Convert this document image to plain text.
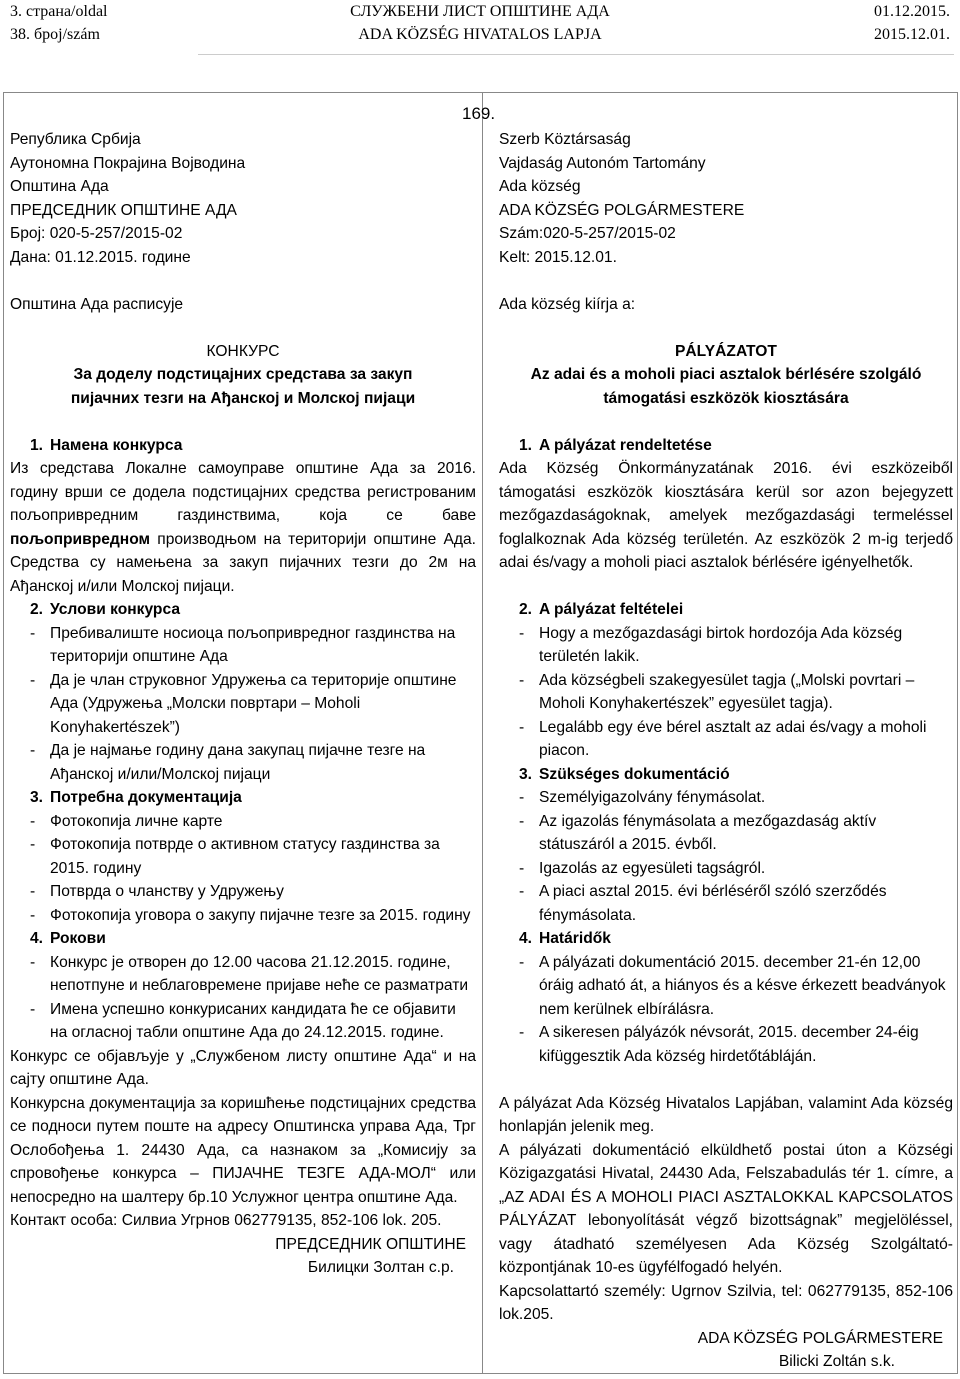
3. страна/oldal
38. број/szám
СЛУЖБЕНИ ЛИСТ ОПШТИНЕ АДА
ADA KÖZSÉG HIVATALOS LAPJA
01.12.2015.
2015.12.01.
169.

Република Србија

Аутономна Покрајина Војводина

Општина Ада

ПРЕДСЕДНИК ОПШТИНЕ АДА

Број: 020-5-257/2015-02

Дана: 01.12.2015. године

Општина Ада расписује

КОНКУРС

За доделу подстицајних средстава за закуп

пијачних тезги на Ађанској и Молској пијаци

1. Намена конкурса

Из средстава Локалне самоуправе општине Ада за 2016. годину врши се додела подстицајних средства регистрованим пољопривредним газдинствима, која се баве пољопривредном производњом на територији општине Ада. Средства су намењена за закуп пијачних тезги до 2м на Ађанској и/или Молској пијаци.

2. Услови конкурса
- Пребивалиште носиоца пољопривредног газдинства на територији општине Ада
- Да је члан струковног Удружења са територије општине Ада (Удружења „Молски повртари – Moholi Konyhakertészek”)
- Да је најмање годину дана закупац пијачне тезге на Ађанској и/или/Молској пијаци
3. Потребна документација
- Фотокопија личне карте
- Фотокопија потврде о активном статусу газдинства за 2015. годину
- Потврда о чланству у Удружењу
- Фотокопија уговора о закупу пијачне тезге за 2015. годину
4. Рокови
- Конкурс је отворен до 12.00 часова 21.12.2015. године, непотпуне и неблаговремене пријаве неће се разматрати
- Имена успешно конкурисаних кандидата ће се објавити на огласној табли општине Ада до 24.12.2015. године.

Конкурс се објављује у „Службеном листу општине Ада“ и на сајту општине Ада.

Конкурсна документација за коришћење подстицајних средства се подноси путем поште на адресу Општинска управа Ада, Трг Ослобођења 1. 24430 Ада, са назнаком за „Комисију за спровођење конкурса – ПИЈАЧНЕ ТЕЗГЕ АДА-МОЛ“ или непосредно на шалтеру бр.10 Услужног центра општине Ада.

Контакт особа: Силвиа Угрнов 062779135, 852-106 lok. 205.

ПРЕДСЕДНИК ОПШТИНЕ

Билицки Золтан с.р.

Szerb Köztársaság

Vajdaság Autonóm Tartomány

Ada község

ADA KÖZSÉG POLGÁRMESTERE

Szám:020-5-257/2015-02

Kelt: 2015.12.01.

Ada község kiírja a:

PÁLYÁZATOT

Az adai és a moholi piaci asztalok bérlésére szolgáló

támogatási eszközök kiosztására

1. A pályázat rendeltetése

Ada Község Önkormányzatának 2016. évi eszközeiből támogatási eszközök kiosztására kerül sor azon bejegyzett mezőgazdaságoknak, amelyek mezőgazdasági termeléssel foglalkoznak Ada község területén. Az eszközök 2 m-ig terjedő adai és/vagy a moholi piaci asztalok bérlésére igényelhetők.

2. A pályázat feltételei
- Hogy a mezőgazdasági birtok hordozója Ada község területén lakik.
- Ada községbeli szakegyesület tagja („Molski povrtari – Moholi Konyhakertészek” egyesület tagja).
- Legalább egy éve bérel asztalt az adai és/vagy a moholi piacon.
3. Szükséges dokumentáció
- Személyigazolvány fénymásolat.
- Az igazolás fénymásolata a mezőgazdaság aktív státuszáról a 2015. évből.
- Igazolás az egyesületi tagságról.
- A piaci asztal 2015. évi bérléséről szóló szerződés fénymásolata.
4. Határidők
- A pályázati dokumentáció 2015. december 21-én 12,00 óráig adható át, a hiányos és a késve érkezett beadványok nem kerülnek elbírálásra.
- A sikeresen pályázók névsorát, 2015. december 24-éig kifüggesztik Ada község hirdetőtábláján.

A pályázat Ada Község Hivatalos Lapjában, valamint Ada község honlapján jelenik meg.

A pályázati dokumentáció elküldhető postai úton a Községi Közigazgatási Hivatal, 24430 Ada, Felszabadulás tér 1. címre, a „AZ ADAI ÉS A MOHOLI PIACI ASZTALOKKAL KAPCSOLATOS PÁLYÁZAT lebonyolítását végző bizottságnak” megjelöléssel, vagy átadható személyesen Ada Község Szolgáltató-központjának 10-es ügyfélfogadó helyén.

Kapcsolattartó személy: Ugrnov Szilvia, tel: 062779135, 852-106 lok.205.

ADA KÖZSÉG POLGÁRMESTERE

Bilicki Zoltán s.k.
